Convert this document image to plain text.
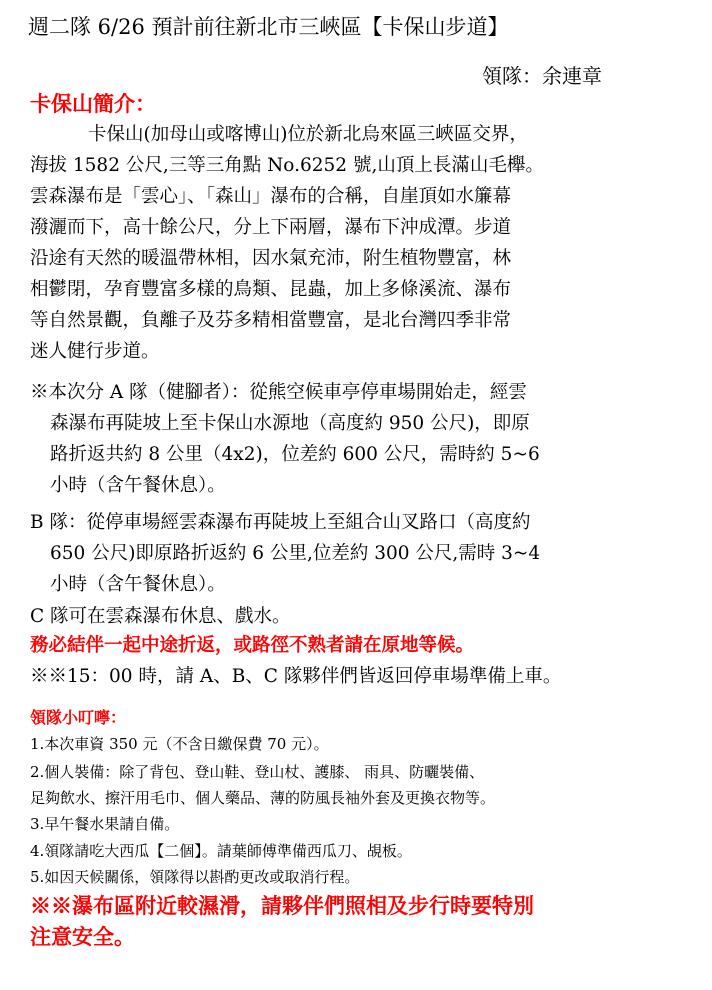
週二隊 6/26 預計前往新北市三峽區【卡保山步道】
領隊：余連章
卡保山簡介：
卡保山(加母山或喀博山)位於新北烏來區三峽區交界，
海拔 1582 公尺,三等三角點 No.6252 號,山頂上長滿山毛櫸。
雲森瀑布是「雲心」、「森山」瀑布的合稱，自崖頂如水簾幕
潑灑而下，高十餘公尺，分上下兩層，瀑布下沖成潭。步道
沿途有天然的暖溫帶林相，因水氣充沛，附生植物豐富，林
相鬱閉，孕育豐富多樣的鳥類、昆蟲，加上多條溪流、瀑布
等自然景觀，負離子及芬多精相當豐富，是北台灣四季非常
迷人健行步道。
※本次分 A 隊（健腳者）：從熊空候車亭停車場開始走，經雲
森瀑布再陡坡上至卡保山水源地（高度約 950 公尺)，即原
路折返共約 8 公里（4x2)，位差約 600 公尺，需時約 5~6
小時（含午餐休息）。
B 隊：從停車場經雲森瀑布再陡坡上至組合山叉路口（高度約
650 公尺)即原路折返約 6 公里,位差約 300 公尺,需時 3~4
小時（含午餐休息）。
C 隊可在雲森瀑布休息、戲水。
務必結伴一起中途折返，或路徑不熟者請在原地等候。
※※15：00 時，請 A、B、C 隊夥伴們皆返回停車場準備上車。
領隊小叮嚀：
1.本次車資 350 元（不含日繳保費 70 元）。
2.個人裝備：除了背包、登山鞋、登山杖、護膝、 雨具、防曬裝備、
足夠飲水、擦汗用毛巾、個人藥品、薄的防風長袖外套及更換衣物等。
3.早午餐水果請自備。
4.領隊請吃大西瓜【二個】。請葉師傅準備西瓜刀、覘板。
5.如因天候關係，領隊得以斟酌更改或取消行程。
※※瀑布區附近較濕滑，請夥伴們照相及步行時要特別
注意安全。
